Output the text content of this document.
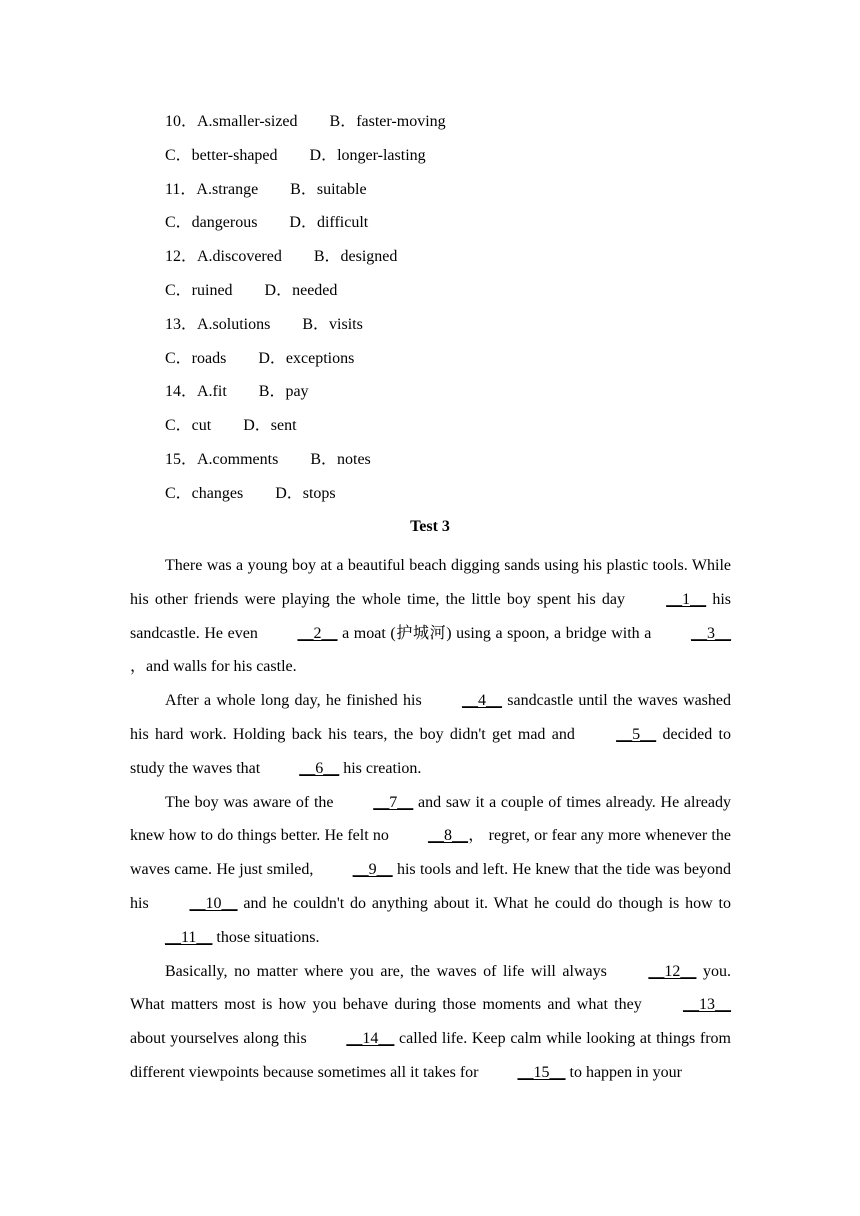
10．A.smaller-sized        B．faster-moving
C．better-shaped        D．longer-lasting
11．A.strange        B．suitable
C．dangerous        D．difficult
12．A.discovered        B．designed
C．ruined        D．needed
13．A.solutions        B．visits
C．roads        D．exceptions
14．A.fit        B．pay
C．cut        D．sent
15．A.comments        B．notes
C．changes        D．stops
Test 3

There was a young boy at a beautiful beach digging sands using his plastic tools. While his other friends were playing the whole time, the little boy spent his day __1__ his sandcastle. He even __2__ a moat (护城河) using a spoon, a bridge with a __3__，and walls for his castle.

After a whole long day, he finished his __4__ sandcastle until the waves washed his hard work. Holding back his tears, the boy didn't get mad and __5__ decided to study the waves that __6__ his creation.

The boy was aware of the __7__ and saw it a couple of times already. He already knew how to do things better. He felt no __8__， regret, or fear any more whenever the waves came. He just smiled, __9__ his tools and left. He knew that the tide was beyond his __10__ and he couldn't do anything about it. What he could do though is how to __11__ those situations.

Basically, no matter where you are, the waves of life will always __12__ you. What matters most is how you behave during those moments and what they __13__ about yourselves along this __14__ called life. Keep calm while looking at things from different viewpoints because sometimes all it takes for __15__ to happen in your
